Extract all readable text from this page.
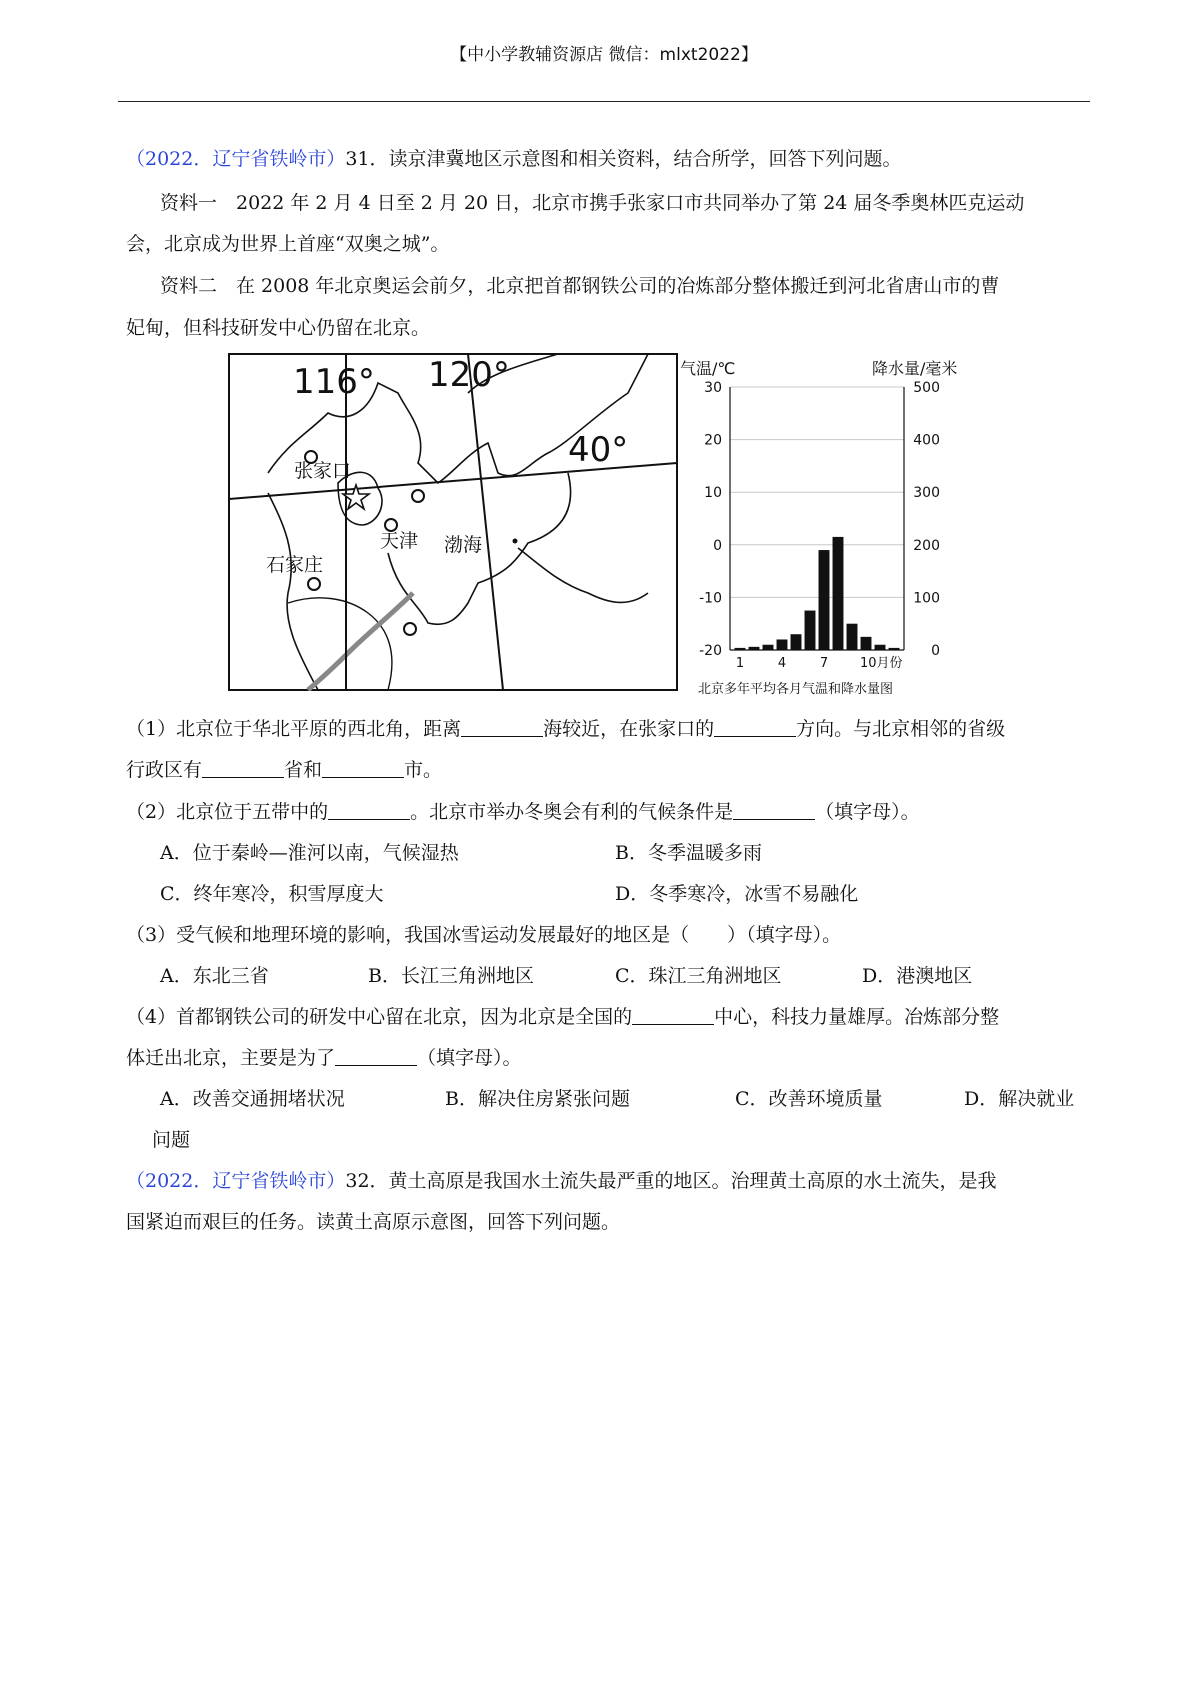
【中小学教辅资源店 微信：mlxt2022】
（2022．辽宁省铁岭市）31．读京津冀地区示意图和相关资料，结合所学，回答下列问题。
资料一　2022 年 2 月 4 日至 2 月 20 日，北京市携手张家口市共同举办了第 24 届冬季奥林匹克运动
会，北京成为世界上首座“双奥之城”。
资料二　在 2008 年北京奥运会前夕，北京把首都钢铁公司的冶炼部分整体搬迁到河北省唐山市的曹
妃甸，但科技研发中心仍留在北京。
116° 120°
40°
张家口
天津 渤海
石家庄
气温/℃	降水量/毫米
30
20
10
0
-10
-20
500
400
300
200
100
0
1	4	7 10月份
北京多年平均各月气温和降水量图
（1）北京位于华北平原的西北角，距离	海较近，在张家口的	方向。与北京相邻的省级
行政区有	省和	市。
（2）北京位于五带中的	。北京市举办冬奥会有利的气候条件是	（填字母）。
A．位于秦岭—淮河以南，气候湿热	B．冬季温暖多雨
C．终年寒冷，积雪厚度大	D．冬季寒冷，冰雪不易融化
（3）受气候和地理环境的影响，我国冰雪运动发展最好的地区是（　　）（填字母）。
A．东北三省	B．长江三角洲地区	C．珠江三角洲地区	D．港澳地区
（4）首都钢铁公司的研发中心留在北京，因为北京是全国的	中心，科技力量雄厚。冶炼部分整
体迁出北京，主要是为了	（填字母）。
A．改善交通拥堵状况	B．解决住房紧张问题	C．改善环境质量	D．解决就业
问题
（2022．辽宁省铁岭市）32．黄土高原是我国水土流失最严重的地区。治理黄土高原的水土流失，是我
国紧迫而艰巨的任务。读黄土高原示意图，回答下列问题。
